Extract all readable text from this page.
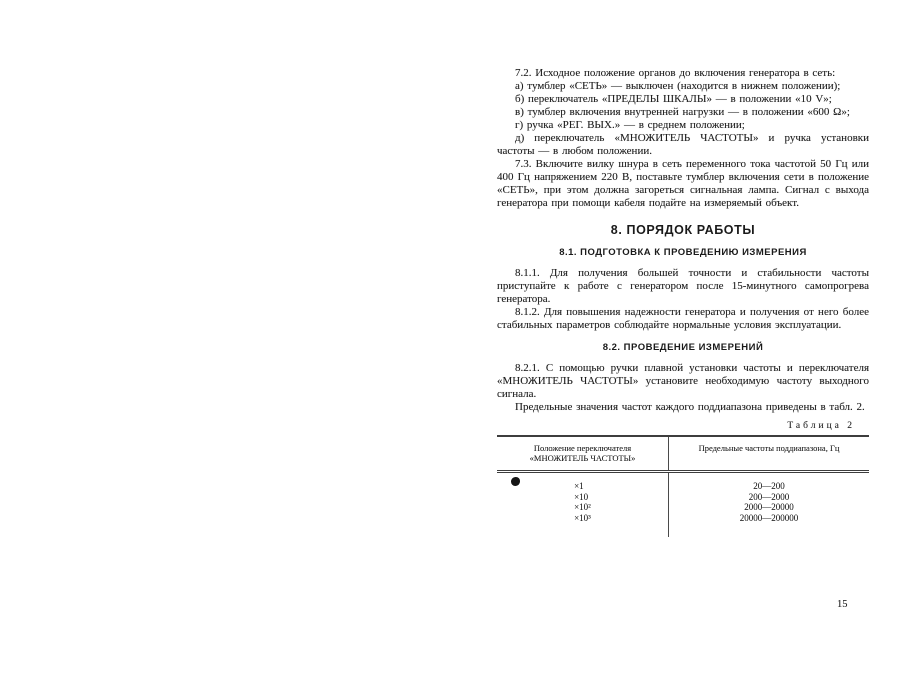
7.2. Исходное положение органов до включения генератора в сеть:

а) тумблер «СЕТЬ» — выключен (находится в нижнем положении);

б) переключатель «ПРЕДЕЛЫ ШКАЛЫ» — в положении «10 V»;

в) тумблер включения внутренней нагрузки — в положении «600 Ω»;

г) ручка «РЕГ. ВЫХ.» — в среднем положении;

д) переключатель «МНОЖИТЕЛЬ ЧАСТОТЫ» и ручка установки частоты — в любом положении.

7.3. Включите вилку шнура в сеть переменного тока частотой 50 Гц или 400 Гц напряжением 220 В, поставьте тумблер включения сети в положение «СЕТЬ», при этом должна загореться сигнальная лампа. Сигнал с выхода генератора при помощи кабеля подайте на измеряемый объект.

8. ПОРЯДОК РАБОТЫ
8.1. ПОДГОТОВКА К ПРОВЕДЕНИЮ ИЗМЕРЕНИЯ

8.1.1. Для получения большей точности и стабильности частоты приступайте к работе с генератором после 15-минутного самопрогрева генератора.

8.1.2. Для повышения надежности генератора и получения от него более стабильных параметров соблюдайте нормальные условия эксплуатации.

8.2. ПРОВЕДЕНИЕ ИЗМЕРЕНИЙ

8.2.1. С помощью ручки плавной установки частоты и переключателя «МНОЖИТЕЛЬ ЧАСТОТЫ» установите необходимую частоту выходного сигнала.

Предельные значения частот каждого поддиапазона приведены в табл. 2.

Таблица 2
Положение переключателя «МНОЖИТЕЛЬ ЧАСТОТЫ»
Предельные частоты поддиапазона, Гц
×1
×10
×10²
×10³
20—200
200—2000
2000—20000
20000—200000
15
